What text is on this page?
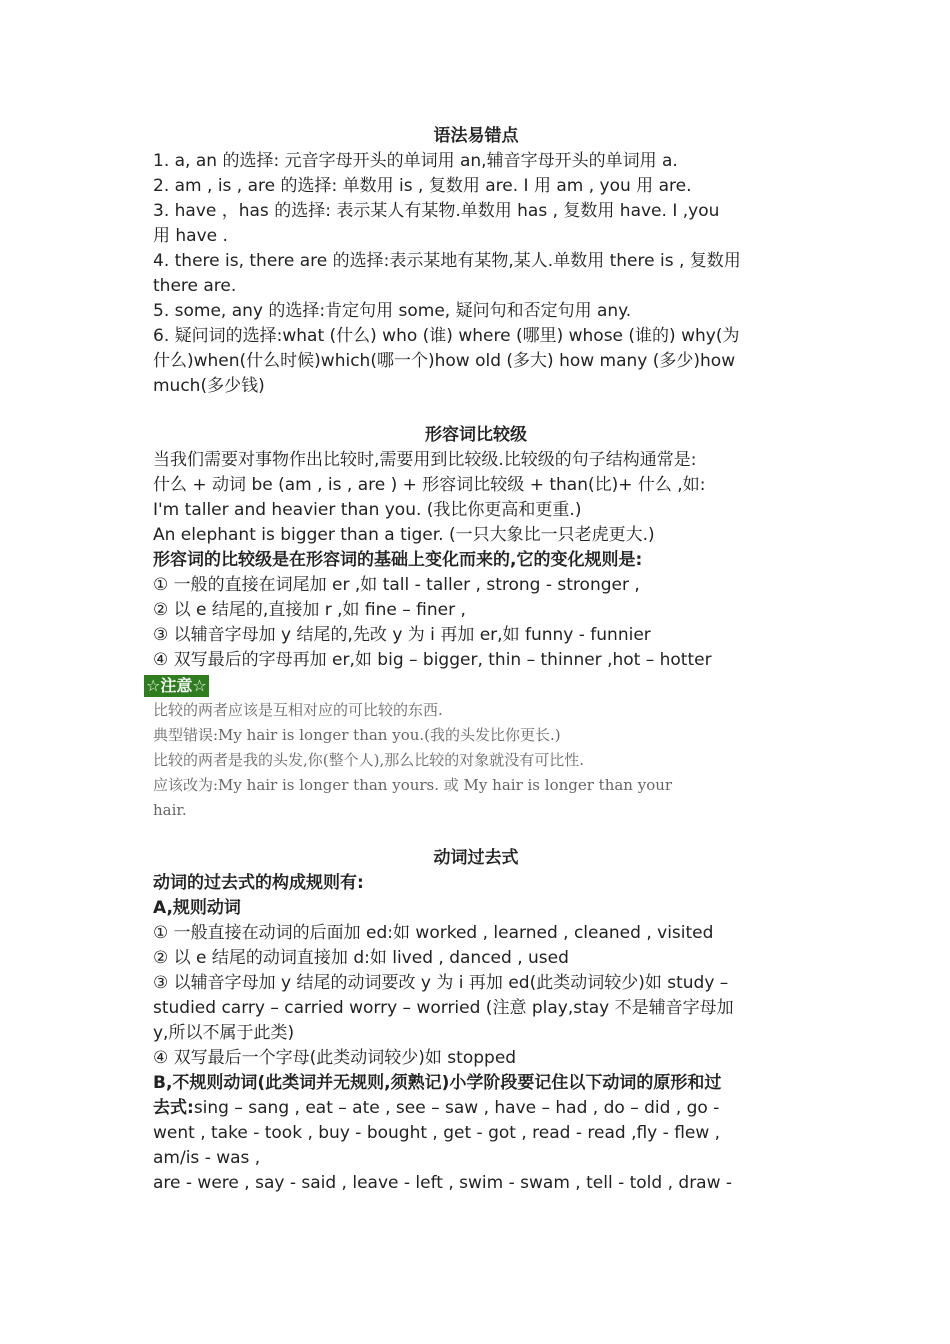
语法易错点

1. a, an 的选择: 元音字母开头的单词用 an,辅音字母开头的单词用 a.

2. am , is , are 的选择: 单数用 is , 复数用 are. I 用 am , you 用 are.

3. have ，has 的选择: 表示某人有某物.单数用 has , 复数用 have. I ,you

用 have .

4. there is, there are 的选择:表示某地有某物,某人.单数用 there is , 复数用

there are.

5. some, any 的选择:肯定句用 some, 疑问句和否定句用 any.

6. 疑问词的选择:what (什么) who (谁) where (哪里) whose (谁的) why(为

什么)when(什么时候)which(哪一个)how old (多大) how many (多少)how

much(多少钱)

形容词比较级

当我们需要对事物作出比较时,需要用到比较级.比较级的句子结构通常是:

什么 + 动词 be (am , is , are ) + 形容词比较级 + than(比)+ 什么 ,如:

I'm taller and heavier than you. (我比你更高和更重.)

An elephant is bigger than a tiger. (一只大象比一只老虎更大.)

形容词的比较级是在形容词的基础上变化而来的,它的变化规则是:

① 一般的直接在词尾加 er ,如 tall - taller , strong - stronger ,

② 以 e 结尾的,直接加 r ,如 fine – finer ,

③ 以辅音字母加 y 结尾的,先改 y 为 i 再加 er,如 funny - funnier

④ 双写最后的字母再加 er,如 big – bigger, thin – thinner ,hot – hotter

☆注意☆

比较的两者应该是互相对应的可比较的东西.

典型错误:My hair is longer than you.(我的头发比你更长.)

比较的两者是我的头发,你(整个人),那么比较的对象就没有可比性.

应该改为:My hair is longer than yours. 或 My hair is longer than your

hair.

动词过去式

动词的过去式的构成规则有:

A,规则动词

① 一般直接在动词的后面加 ed:如 worked , learned , cleaned , visited

② 以 e 结尾的动词直接加 d:如 lived , danced , used

③ 以辅音字母加 y 结尾的动词要改 y 为 i 再加 ed(此类动词较少)如 study –

studied carry – carried worry – worried (注意 play,stay 不是辅音字母加

y,所以不属于此类)

④ 双写最后一个字母(此类动词较少)如 stopped

B,不规则动词(此类词并无规则,须熟记)小学阶段要记住以下动词的原形和过

去式:sing – sang , eat – ate , see – saw , have – had , do – did , go -

went , take - took , buy - bought , get - got , read - read ,fly - flew ,

am/is - was ,

are - were , say - said , leave - left , swim - swam , tell - told , draw -
